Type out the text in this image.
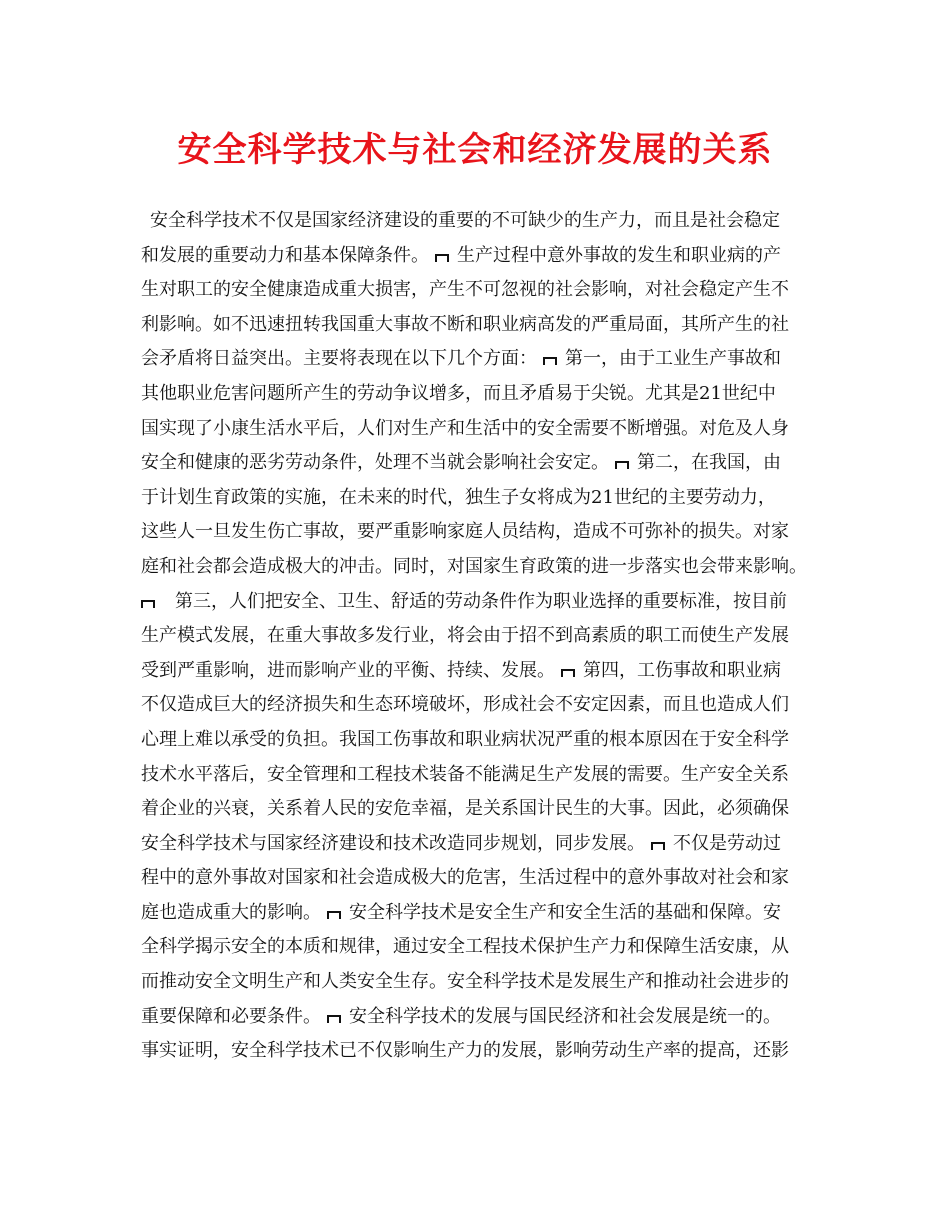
安全科学技术与社会和经济发展的关系
安全科学技术不仅是国家经济建设的重要的不可缺少的生产力，而且是社会稳定
和发展的重要动力和基本保障条件。 生产过程中意外事故的发生和职业病的产
生对职工的安全健康造成重大损害，产生不可忽视的社会影响，对社会稳定产生不
利影响。如不迅速扭转我国重大事故不断和职业病高发的严重局面，其所产生的社
会矛盾将日益突出。主要将表现在以下几个方面： 第一，由于工业生产事故和
其他职业危害问题所产生的劳动争议增多，而且矛盾易于尖锐。尤其是21世纪中
国实现了小康生活水平后，人们对生产和生活中的安全需要不断增强。对危及人身
安全和健康的恶劣劳动条件，处理不当就会影响社会安定。 第二，在我国，由
于计划生育政策的实施，在未来的时代，独生子女将成为21世纪的主要劳动力，
这些人一旦发生伤亡事故，要严重影响家庭人员结构，造成不可弥补的损失。对家
庭和社会都会造成极大的冲击。同时，对国家生育政策的进一步落实也会带来影响。
第三，人们把安全、卫生、舒适的劳动条件作为职业选择的重要标准，按目前
生产模式发展，在重大事故多发行业，将会由于招不到高素质的职工而使生产发展
受到严重影响，进而影响产业的平衡、持续、发展。 第四，工伤事故和职业病
不仅造成巨大的经济损失和生态环境破坏，形成社会不安定因素，而且也造成人们
心理上难以承受的负担。我国工伤事故和职业病状况严重的根本原因在于安全科学
技术水平落后，安全管理和工程技术装备不能满足生产发展的需要。生产安全关系
着企业的兴衰，关系着人民的安危幸福，是关系国计民生的大事。因此，必须确保
安全科学技术与国家经济建设和技术改造同步规划，同步发展。 不仅是劳动过
程中的意外事故对国家和社会造成极大的危害，生活过程中的意外事故对社会和家
庭也造成重大的影响。 安全科学技术是安全生产和安全生活的基础和保障。安
全科学揭示安全的本质和规律，通过安全工程技术保护生产力和保障生活安康，从
而推动安全文明生产和人类安全生存。安全科学技术是发展生产和推动社会进步的
重要保障和必要条件。 安全科学技术的发展与国民经济和社会发展是统一的。
事实证明，安全科学技术已不仅影响生产力的发展，影响劳动生产率的提高，还影
